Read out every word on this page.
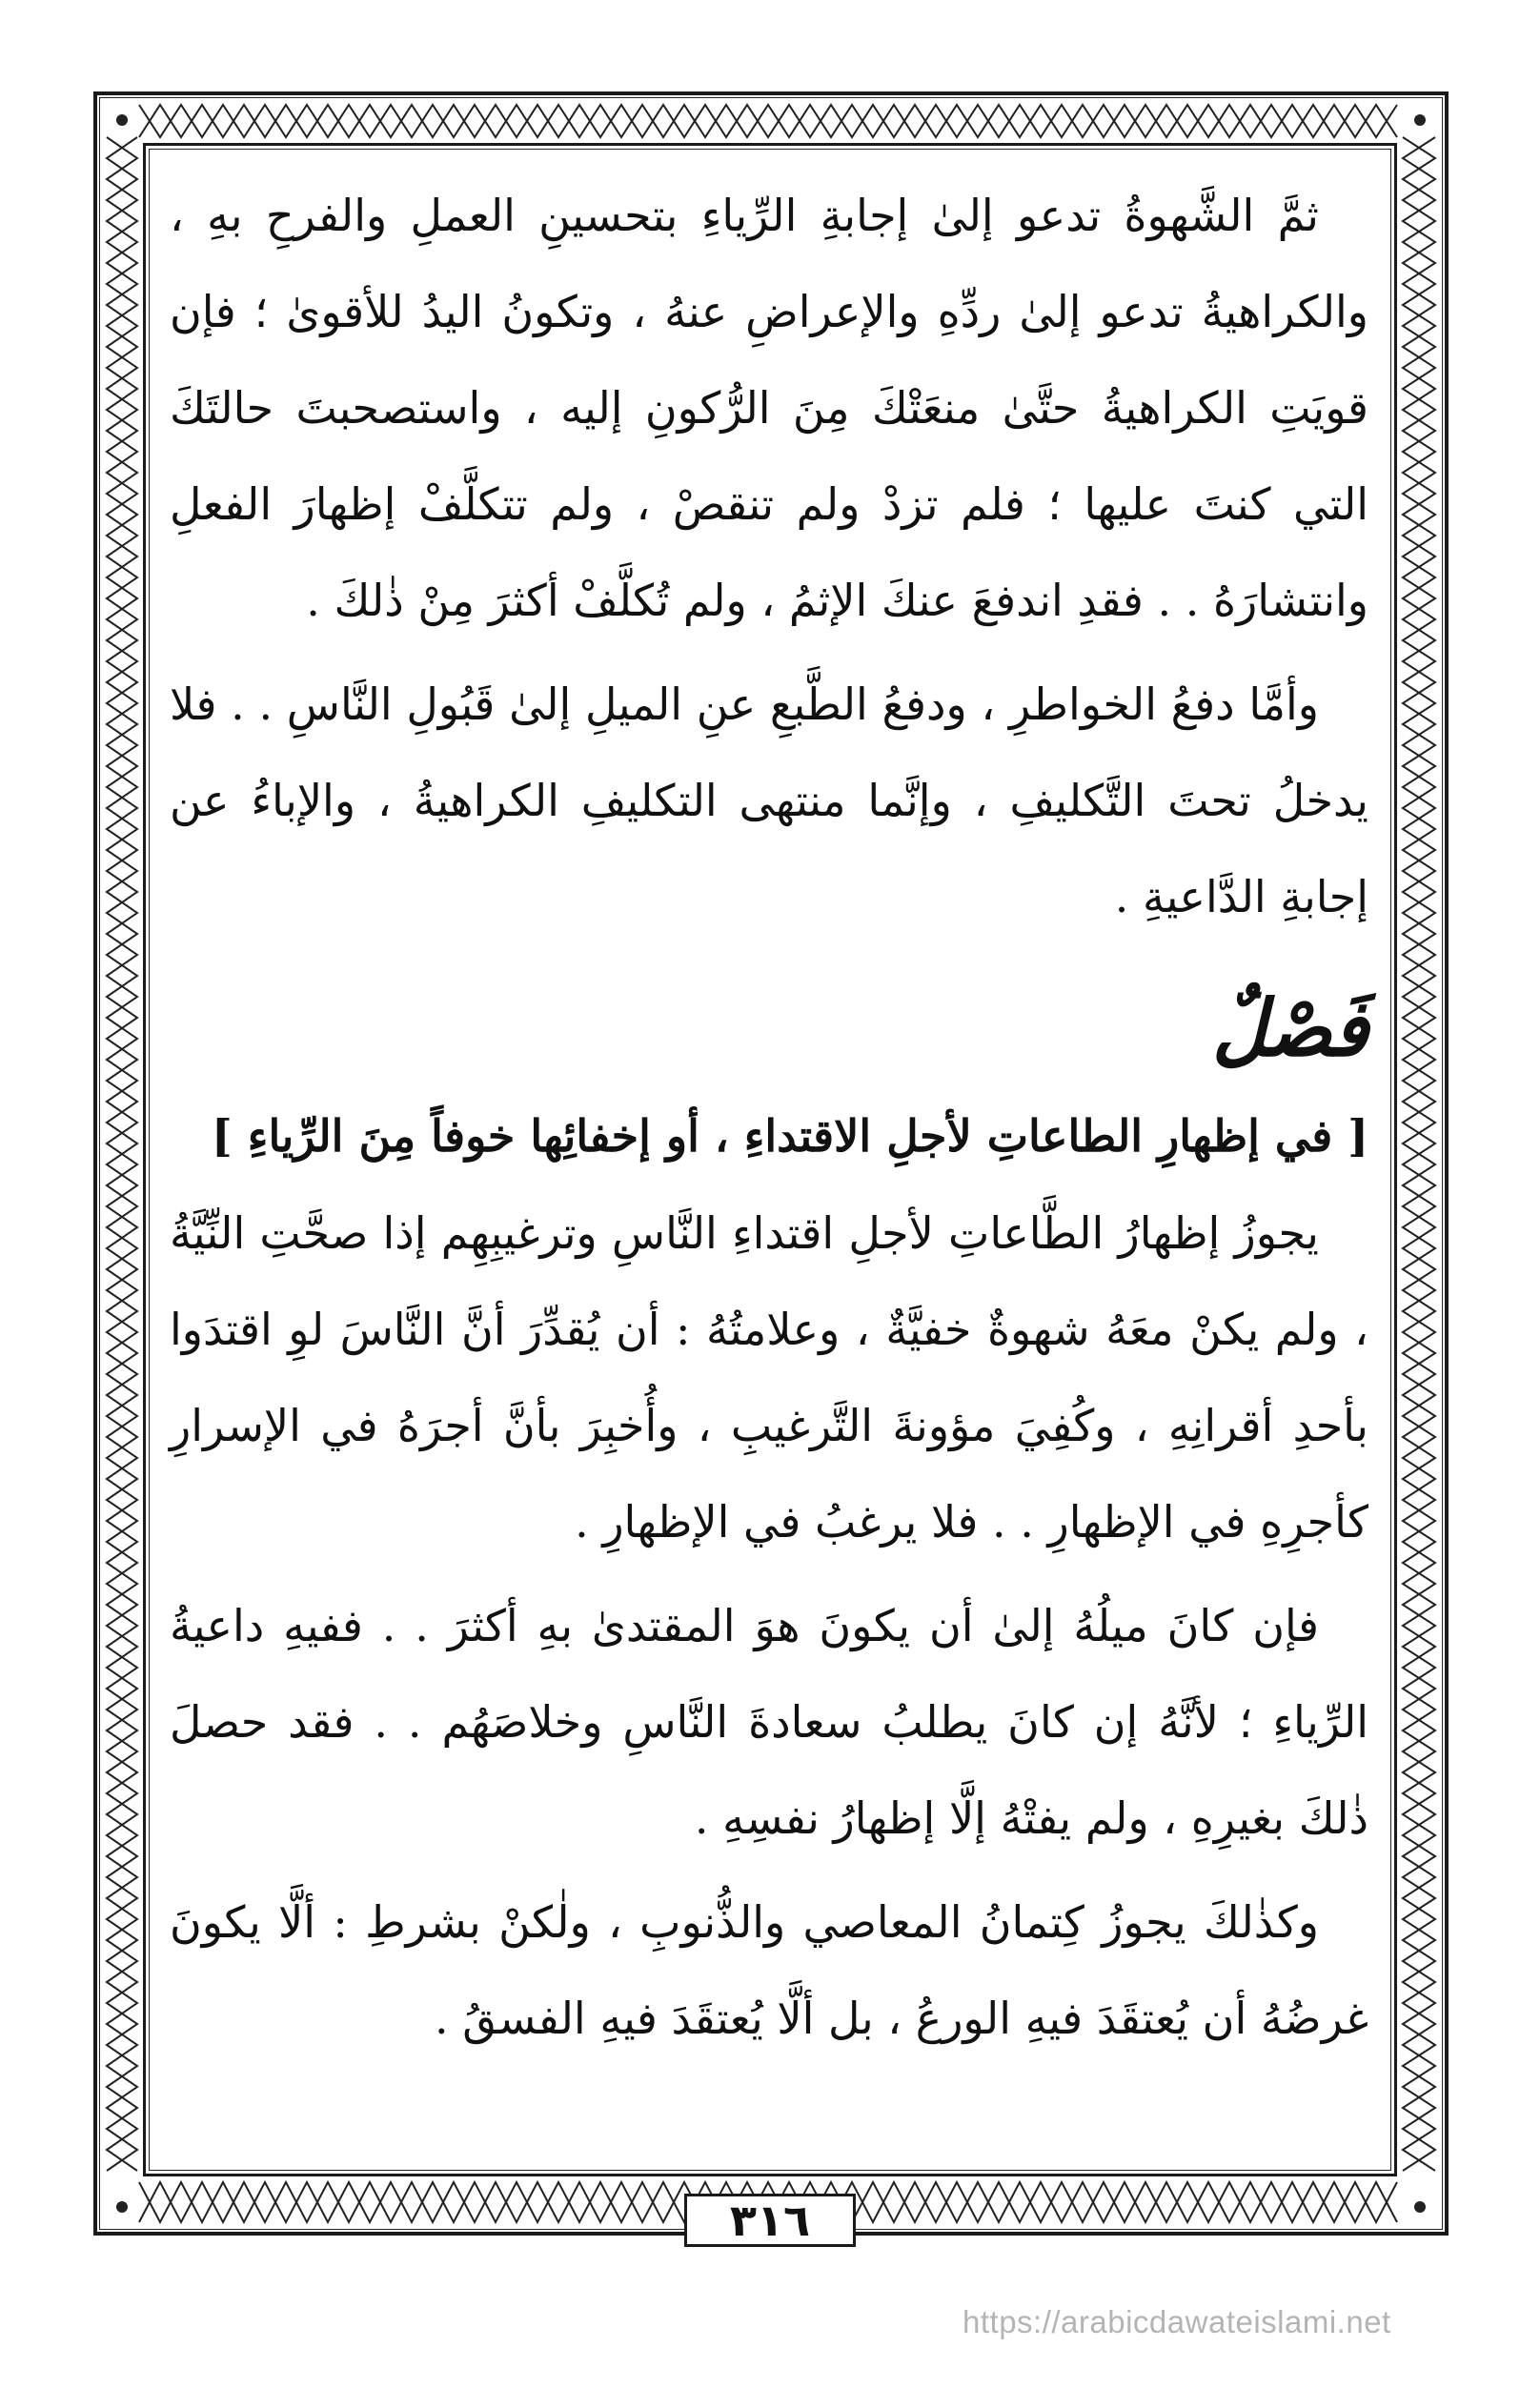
ثمَّ الشَّهوةُ تدعو إلىٰ إجابةِ الرِّياءِ بتحسينِ العملِ والفرحِ بهِ ، والكراهيةُ تدعو إلىٰ ردِّهِ والإعراضِ عنهُ ، وتكونُ اليدُ للأقوىٰ ؛ فإن قويَتِ الكراهيةُ حتَّىٰ منعَتْكَ مِنَ الرُّكونِ إليه ، واستصحبتَ حالتَكَ التي كنتَ عليها ؛ فلم تزدْ ولم تنقصْ ، ولم تتكلَّفْ إظهارَ الفعلِ وانتشارَهُ . . فقدِ اندفعَ عنكَ الإثمُ ، ولم تُكلَّفْ أكثرَ مِنْ ذٰلكَ .

وأمَّا دفعُ الخواطرِ ، ودفعُ الطَّبعِ عنِ الميلِ إلىٰ قَبُولِ النَّاسِ . . فلا يدخلُ تحتَ التَّكليفِ ، وإنَّما منتهى التكليفِ الكراهيةُ ، والإباءُ عن إجابةِ الدَّاعيةِ .

فَصْلٌ

[ في إظهارِ الطاعاتِ لأجلِ الاقتداءِ ، أو إخفائِها خوفاً مِنَ الرِّياءِ ]

يجوزُ إظهارُ الطَّاعاتِ لأجلِ اقتداءِ النَّاسِ وترغيبِهِم إذا صحَّتِ النِّيَّةُ ، ولم يكنْ معَهُ شهوةٌ خفيَّةٌ ، وعلامتُهُ : أن يُقدِّرَ أنَّ النَّاسَ لوِ اقتدَوا بأحدِ أقرانِهِ ، وكُفِيَ مؤونةَ التَّرغيبِ ، وأُخبِرَ بأنَّ أجرَهُ في الإسرارِ كأجرِهِ في الإظهارِ . . فلا يرغبُ في الإظهارِ .

فإن كانَ ميلُهُ إلىٰ أن يكونَ هوَ المقتدىٰ بهِ أكثرَ . . ففيهِ داعيةُ الرِّياءِ ؛ لأنَّهُ إن كانَ يطلبُ سعادةَ النَّاسِ وخلاصَهُم . . فقد حصلَ ذٰلكَ بغيرِهِ ، ولم يفتْهُ إلَّا إظهارُ نفسِهِ .

وكذٰلكَ يجوزُ كِتمانُ المعاصي والذُّنوبِ ، ولٰكنْ بشرطِ : ألَّا يكونَ غرضُهُ أن يُعتقَدَ فيهِ الورعُ ، بل ألَّا يُعتقَدَ فيهِ الفسقُ .

٣١٦
https://arabicdawateislami.net
